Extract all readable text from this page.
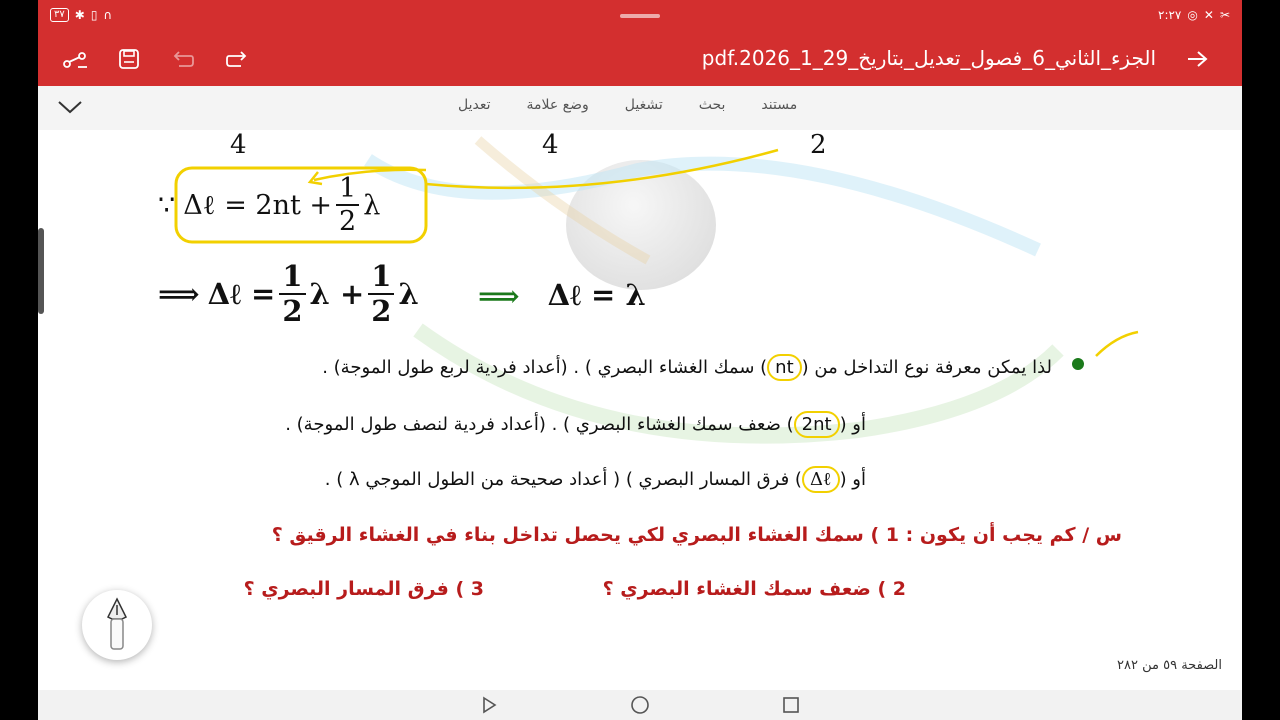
٣٧ ✱ ▯ ∩	٢:٢٧ ◎ ✕ ✂
الجزء_الثاني_6_فصول_تعديل_بتاريخ_29_1_pdf.2026
مستند
بحث
تشغيل
وضع علامة
تعديل
4	4	2
∵ Δℓ = $2nt + \frac{1}{2}$ λ
⟹ Δℓ = $\frac{1}{2}$ $\lambda + \frac{1}{2}$ λ ⟹ Δℓ = λ
لذا يمكن معرفة نوع التداخل من (nt) سمك الغشاء البصري ) . (أعداد فردية لربع طول الموجة) .
أو (2nt) ضعف سمك الغشاء البصري ) . (أعداد فردية لنصف طول الموجة) .
أو (Δℓ) فرق المسار البصري ) ( أعداد صحيحة من الطول الموجي λ ) .
س / كم يجب أن يكون : 1 ) سمك الغشاء البصري لكي يحصل تداخل بناء في الغشاء الرقيق ؟
2 ) ضعف سمك الغشاء البصري ؟
3 ) فرق المسار البصري ؟
الصفحة ٥٩ من ٢٨٢
